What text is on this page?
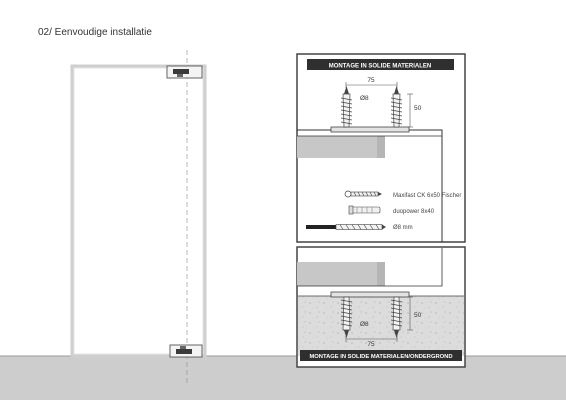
02/ Eenvoudige installatie
MONTAGE IN SOLIDE MATERIALEN
75
50
Ø8
Maxifast CK 6x50 Fischer
duopower 8x40
Ø8 mm
75
50
Ø8
MONTAGE IN SOLIDE MATERIALEN/ONDERGROND
